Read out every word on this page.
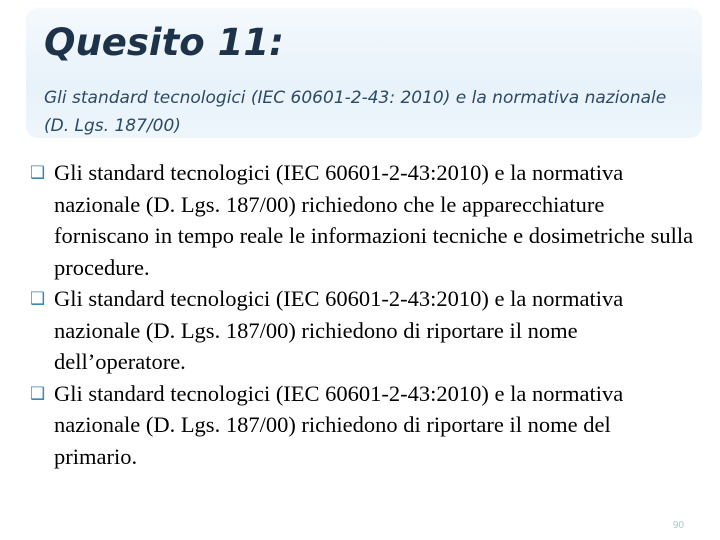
Quesito 11:

Gli standard tecnologici (IEC 60601-2-43: 2010) e la normativa nazionale (D. Lgs. 187/00)

❑ Gli standard tecnologici (IEC 60601-2-43:2010) e la normativa nazionale (D. Lgs. 187/00) richiedono che le apparecchiature forniscano in tempo reale le informazioni tecniche e dosimetriche sulla procedure.
❑ Gli standard tecnologici (IEC 60601-2-43:2010) e la normativa nazionale (D. Lgs. 187/00) richiedono di riportare il nome dell’operatore.
❑ Gli standard tecnologici (IEC 60601-2-43:2010) e la normativa nazionale (D. Lgs. 187/00) richiedono di riportare il nome del primario.
90
